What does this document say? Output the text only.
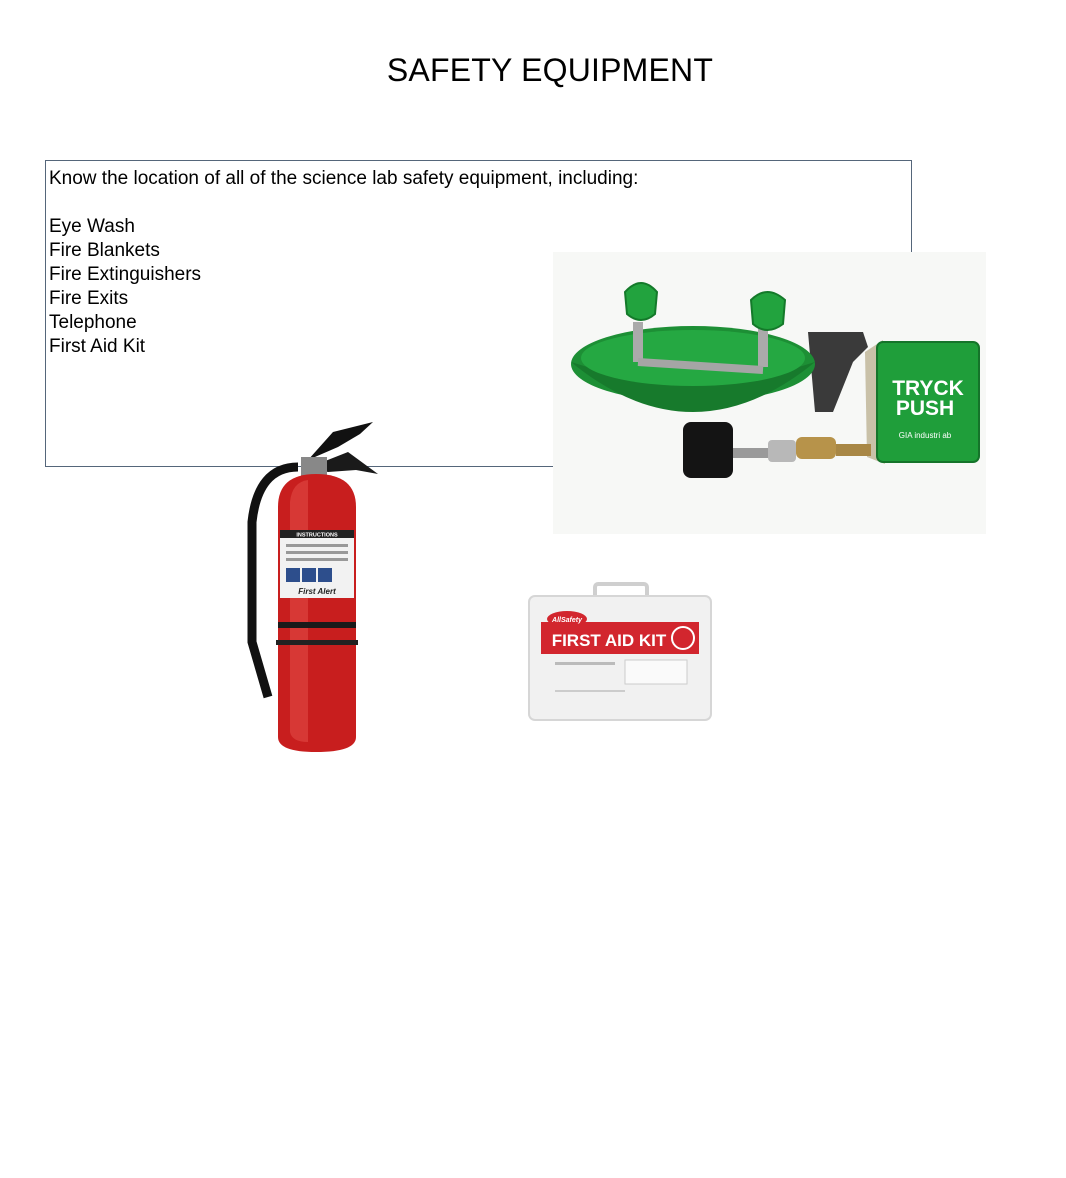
SAFETY EQUIPMENT

Know the location of all of the science lab safety equipment, including:

Eye Wash
Fire Blankets
Fire Extinguishers
Fire Exits
Telephone
First Aid Kit
TRYCK
PUSH
GIA industri ab
INSTRUCTIONS
First Alert
AllSafety
FIRST AID KIT
